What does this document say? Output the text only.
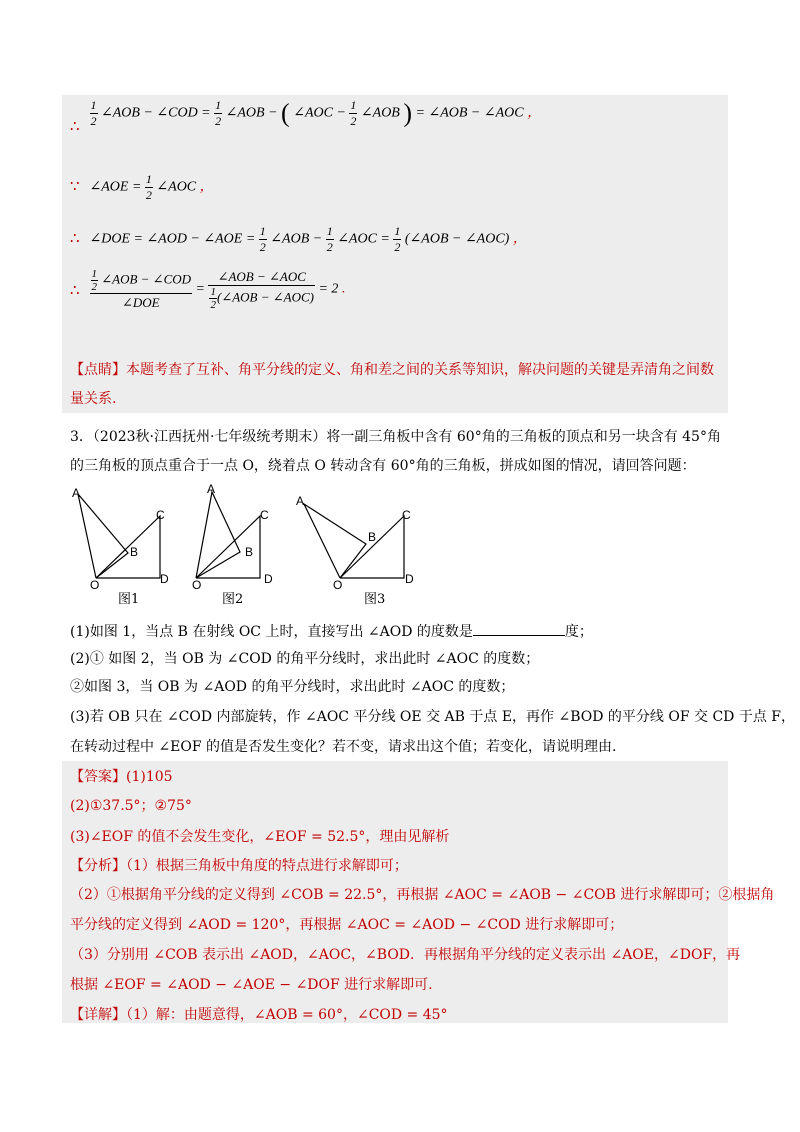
∴ $\frac{1}{2}$ ∠AOB − ∠COD = $\frac{1}{2}$ ∠AOB − ( ∠AOC − $\frac{1}{2}$ ∠AOB ) = ∠AOB − ∠AOC ，
∵ ∠AOE = $\frac{1}{2}$ ∠AOC ，
∴ ∠DOE = ∠AOD − ∠AOE = $\frac{1}{2}$ ∠AOB − $\frac{1}{2}$ ∠AOC = $\frac{1}{2}$ (∠AOB − ∠AOC) ，
∴ $\frac{\frac{1}{2} \angle AOB - \angle COD}{\text{∠DOE}} = \frac{\text{∠AOB − ∠AOC}}{\frac{1}{2} (\angle AOB - \angle AOC)} = 2$ .
【点睛】本题考查了互补、角平分线的定义、角和差之间的关系等知识，解决问题的关键是弄清角之间数
量关系.
3．（2023秋·江西抚州·七年级统考期末）将一副三角板中含有 60°角的三角板的顶点和另一块含有 45°角
的三角板的顶点重合于一点 O，绕着点 O 转动含有 60°角的三角板，拼成如图的情况，请回答问题：
A
C
B
O	D
A
C
B
O	D
A
C
B
O	D
图1	图2	图3
(1)如图 1，当点 B 在射线 OC 上时，直接写出 ∠AOD 的度数是	度；
(2)① 如图 2，当 OB 为 ∠COD 的角平分线时，求出此时 ∠AOC 的度数；
②如图 3，当 OB 为 ∠AOD 的角平分线时，求出此时 ∠AOC 的度数；
(3)若 OB 只在 ∠COD 内部旋转，作 ∠AOC 平分线 OE 交 AB 于点 E，再作 ∠BOD 的平分线 OF 交 CD 于点 F，
在转动过程中 ∠EOF 的值是否发生变化？若不变，请求出这个值；若变化，请说明理由.
【答案】(1)105
(2)①37.5°；②75°
(3)∠EOF 的值不会发生变化，∠EOF = 52.5°，理由见解析
【分析】（1）根据三角板中角度的特点进行求解即可；
（2）①根据角平分线的定义得到 ∠COB = 22.5°，再根据 ∠AOC = ∠AOB − ∠COB 进行求解即可；②根据角
平分线的定义得到 ∠AOD = 120°，再根据 ∠AOC = ∠AOD − ∠COD 进行求解即可；
（3）分别用 ∠COB 表示出 ∠AOD，∠AOC，∠BOD．再根据角平分线的定义表示出 ∠AOE，∠DOF，再
根据 ∠EOF = ∠AOD − ∠AOE − ∠DOF 进行求解即可.
【详解】（1）解：由题意得，∠AOB = 60°，∠COD = 45°
